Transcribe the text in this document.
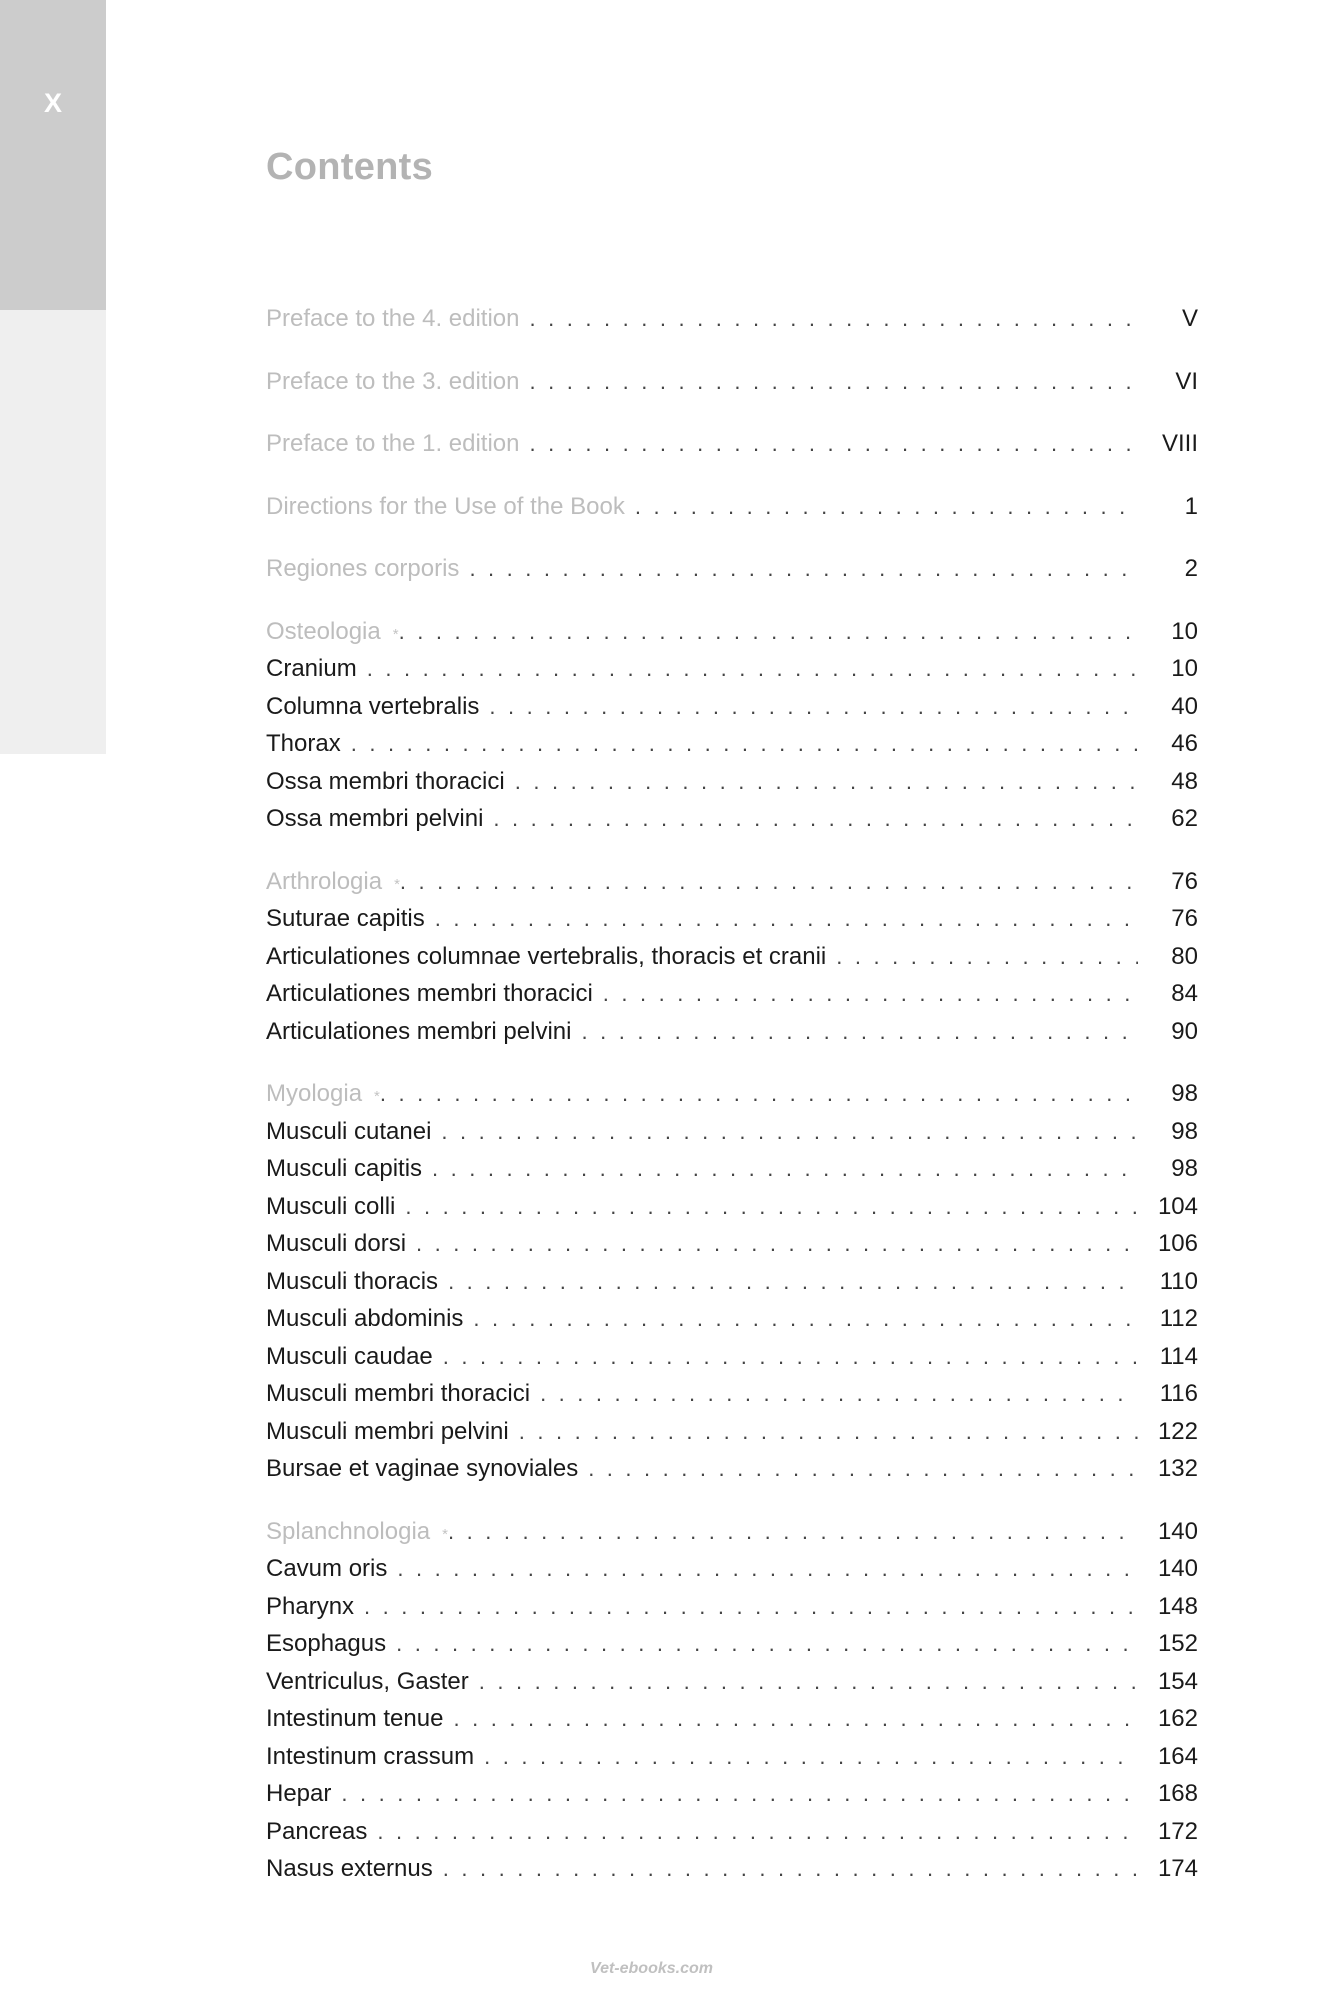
X
Contents
Preface to the 4. edition . . .	V
Preface to the 3. edition . . .	VI
Preface to the 1. edition . . .	VIII
Directions for the Use of the Book . . .	1
Regiones corporis . . .	2
Osteologia * . . .	10
Cranium . . .	10
Columna vertebralis . . .	40
Thorax . . .	46
Ossa membri thoracici . . .	48
Ossa membri pelvini . . .	62
Arthrologia * . . .	76
Suturae capitis . . .	76
Articulationes columnae vertebralis, thoracis et cranii . . .	80
Articulationes membri thoracici . . .	84
Articulationes membri pelvini . . .	90
Myologia * . . .	98
Musculi cutanei . . .	98
Musculi capitis . . .	98
Musculi colli . . .	104
Musculi dorsi . . .	106
Musculi thoracis . . .	110
Musculi abdominis . . .	112
Musculi caudae . . .	114
Musculi membri thoracici . . .	116
Musculi membri pelvini . . .	122
Bursae et vaginae synoviales . . .	132
Splanchnologia * . . .	140
Cavum oris . . .	140
Pharynx . . .	148
Esophagus . . .	152
Ventriculus, Gaster . . .	154
Intestinum tenue . . .	162
Intestinum crassum . . .	164
Hepar . . .	168
Pancreas . . .	172
Nasus externus . . .	174
Vet-ebooks.com
